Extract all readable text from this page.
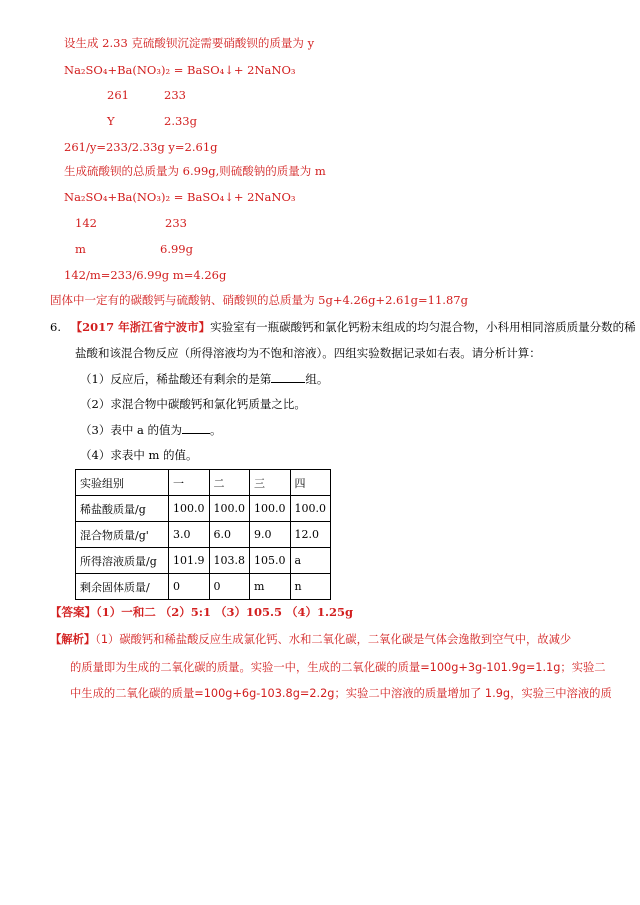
设生成 2.33 克硫酸钡沉淀需要硝酸钡的质量为 y
Na₂SO₄+Ba(NO₃)₂ = BaSO₄↓+ 2NaNO₃
261	233
Y	2.33g
261/y=233/2.33g y=2.61g
生成硫酸钡的总质量为 6.99g,则硫酸钠的质量为 m
Na₂SO₄+Ba(NO₃)₂ = BaSO₄↓+ 2NaNO₃
142	233
m	6.99g
142/m=233/6.99g m=4.26g
固体中一定有的碳酸钙与硫酸钠、硝酸钡的总质量为 5g+4.26g+2.61g=11.87g
6. 【2017 年浙江省宁波市】实验室有一瓶碳酸钙和氯化钙粉末组成的均匀混合物，小科用相同溶质质量分数的稀
盐酸和该混合物反应（所得溶液均为不饱和溶液）。四组实验数据记录如右表。请分析计算：
（1）反应后，稀盐酸还有剩余的是第	组。
（2）求混合物中碳酸钙和氯化钙质量之比。
（3）表中 a 的值为 。
（4）求表中 m 的值。
实验组别	一	二	三	四
稀盐酸质量/g	100.0	100.0	100.0	100.0
混合物质量/g'	3.0	6.0	9.0	12.0
所得溶液质量/g	101.9	103.8	105.0	a
剩余固体质量/	0	0	m	n
【答案】（1）一和二 （2）5:1 （3）105.5 （4）1.25g
【解析】（1）碳酸钙和稀盐酸反应生成氯化钙、水和二氧化碳，二氧化碳是气体会逸散到空气中，故减少
的质量即为生成的二氧化碳的质量。实验一中，生成的二氧化碳的质量=100g+3g-101.9g=1.1g；实验二
中生成的二氧化碳的质量=100g+6g-103.8g=2.2g；实验二中溶液的质量增加了 1.9g，实验三中溶液的质
